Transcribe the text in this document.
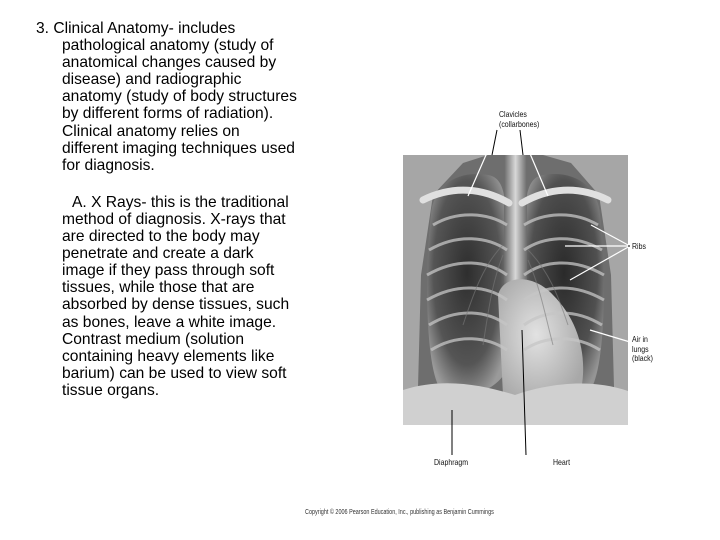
3. Clinical Anatomy- includes pathological anatomy (study of anatomical changes caused by disease) and radiographic anatomy (study of body structures by different forms of radiation). Clinical anatomy relies on different imaging techniques used for diagnosis.

A. X Rays- this is the traditional method of diagnosis. X-rays that are directed to the body may penetrate and create a dark image if they pass through soft tissues, while those that are absorbed by dense tissues, such as bones, leave a white image. Contrast medium (solution containing heavy elements like barium) can be used to view soft tissue organs.

Clavicles
(collarbones)
Ribs
Air in
lungs
(black)
Diaphragm	Heart
Copyright © 2006 Pearson Education, Inc., publishing as Benjamin Cummings
